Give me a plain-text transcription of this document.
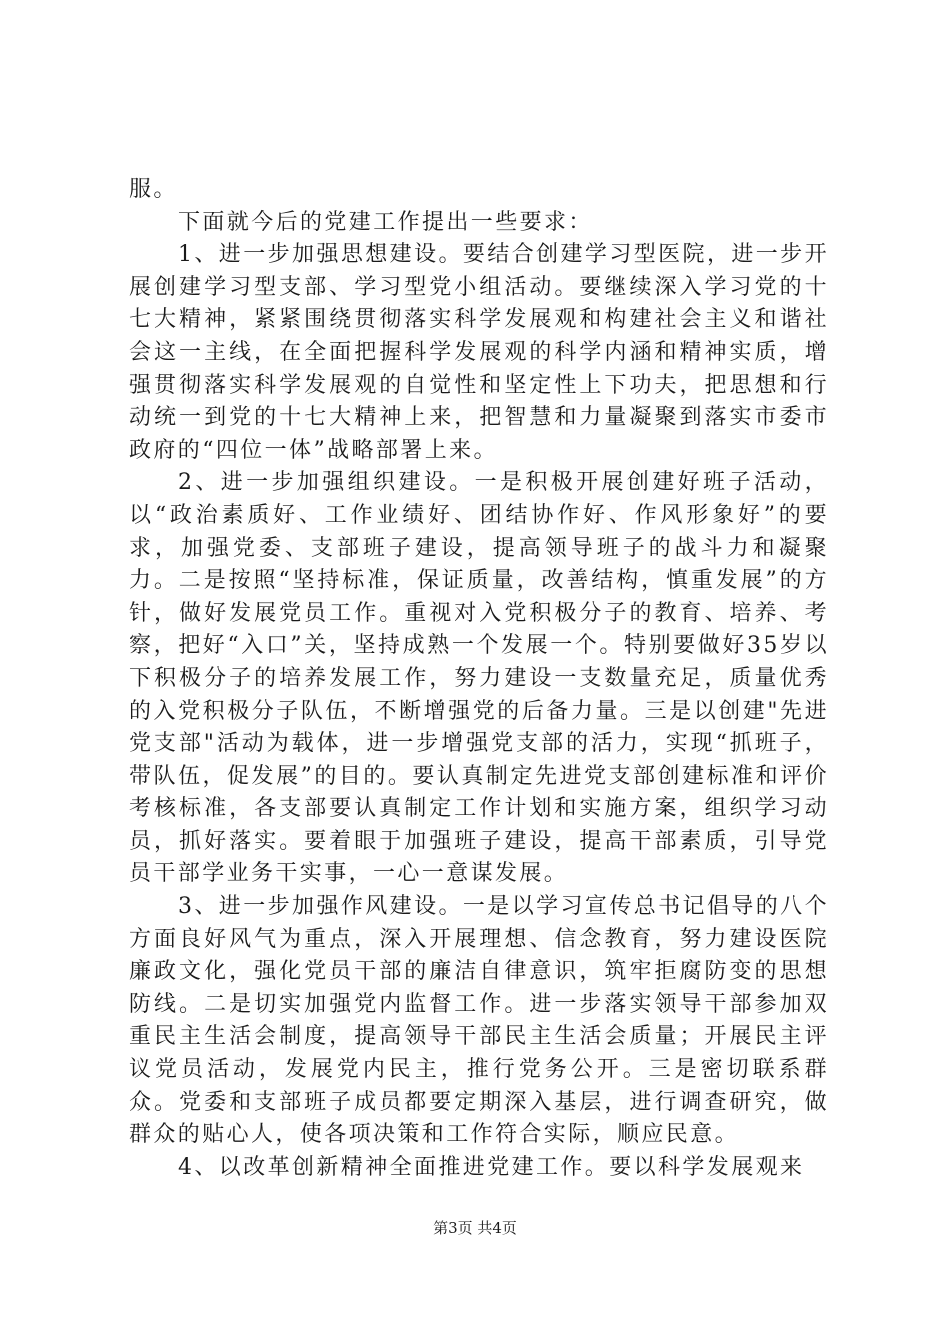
服。

下面就今后的党建工作提出一些要求：

1、进一步加强思想建设。要结合创建学习型医院，进一步开展创建学习型支部、学习型党小组活动。要继续深入学习党的十七大精神，紧紧围绕贯彻落实科学发展观和构建社会主义和谐社会这一主线，在全面把握科学发展观的科学内涵和精神实质，增强贯彻落实科学发展观的自觉性和坚定性上下功夫，把思想和行动统一到党的十七大精神上来，把智慧和力量凝聚到落实市委市政府的“四位一体”战略部署上来。

2、进一步加强组织建设。一是积极开展创建好班子活动，以“政治素质好、工作业绩好、团结协作好、作风形象好”的要求，加强党委、支部班子建设，提高领导班子的战斗力和凝聚力。二是按照“坚持标准，保证质量，改善结构，慎重发展”的方针，做好发展党员工作。重视对入党积极分子的教育、培养、考察，把好“入口”关，坚持成熟一个发展一个。特别要做好35岁以下积极分子的培养发展工作，努力建设一支数量充足，质量优秀的入党积极分子队伍，不断增强党的后备力量。三是以创建"先进党支部"活动为载体，进一步增强党支部的活力，实现“抓班子，带队伍，促发展”的目的。要认真制定先进党支部创建标准和评价考核标准，各支部要认真制定工作计划和实施方案，组织学习动员，抓好落实。要着眼于加强班子建设，提高干部素质，引导党员干部学业务干实事，一心一意谋发展。

3、进一步加强作风建设。一是以学习宣传总书记倡导的八个方面良好风气为重点，深入开展理想、信念教育，努力建设医院廉政文化，强化党员干部的廉洁自律意识，筑牢拒腐防变的思想防线。二是切实加强党内监督工作。进一步落实领导干部参加双重民主生活会制度，提高领导干部民主生活会质量；开展民主评议党员活动，发展党内民主，推行党务公开。三是密切联系群众。党委和支部班子成员都要定期深入基层，进行调查研究，做群众的贴心人，使各项决策和工作符合实际，顺应民意。

4、以改革创新精神全面推进党建工作。要以科学发展观来

第3页 共4页
